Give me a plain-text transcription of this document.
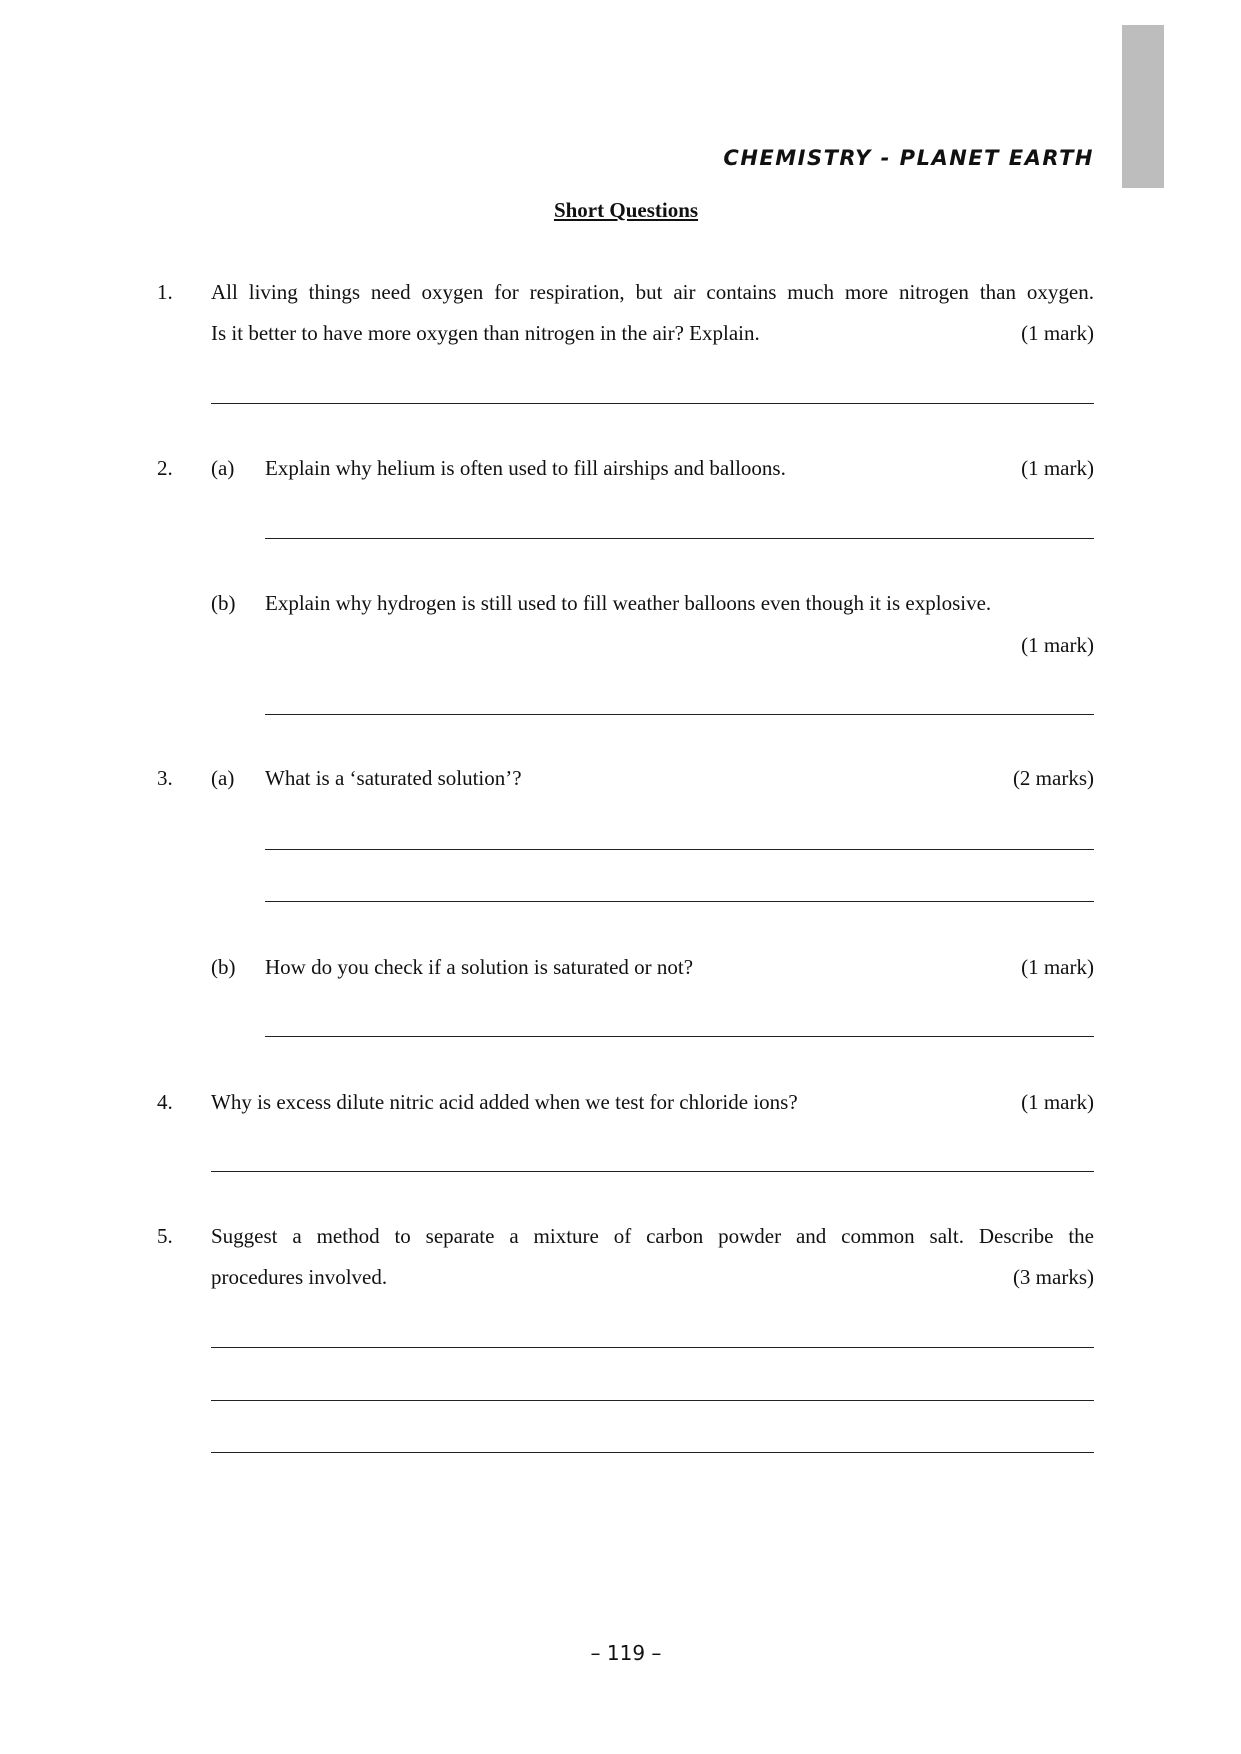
CHEMISTRY - PLANET EARTH
Short Questions
1. All living things need oxygen for respiration, but air contains much more nitrogen than oxygen.
Is it better to have more oxygen than nitrogen in the air? Explain.	(1 mark)
2. (a) Explain why helium is often used to fill airships and balloons.	(1 mark)
(b) Explain why hydrogen is still used to fill weather balloons even though it is explosive.
(1 mark)
3. (a) What is a ‘saturated solution’?	(2 marks)
(b) How do you check if a solution is saturated or not?	(1 mark)
4. Why is excess dilute nitric acid added when we test for chloride ions?	(1 mark)
5. Suggest a method to separate a mixture of carbon powder and common salt. Describe the
procedures involved.	(3 marks)
– 119 –
